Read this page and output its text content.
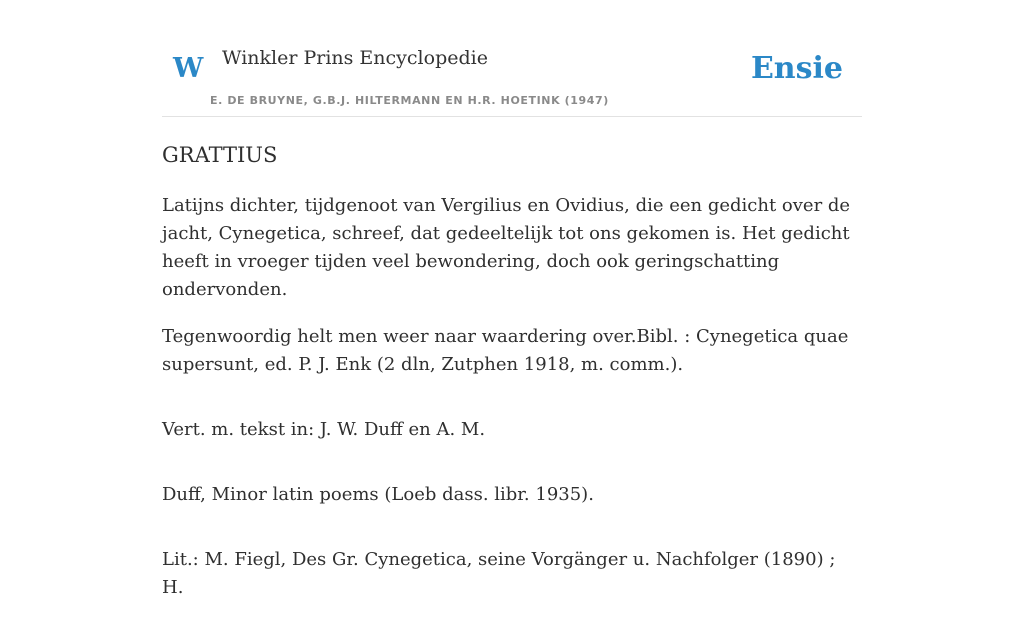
W Winkler Prins Encyclopedie
E. DE BRUYNE, G.B.J. HILTERMANN EN H.R. HOETINK (1947)
Ensie
GRATTIUS

Latijns dichter, tijdgenoot van Vergilius en Ovidius, die een gedicht over de jacht, Cynegetica, schreef, dat gedeeltelijk tot ons gekomen is. Het gedicht heeft in vroeger tijden veel bewondering, doch ook geringschatting ondervonden.

Tegenwoordig helt men weer naar waardering over.Bibl. : Cynegetica quae supersunt, ed. P. J. Enk (2 dln, Zutphen 1918, m. comm.).

Vert. m. tekst in: J. W. Duff en A. M.

Duff, Minor latin poems (Loeb dass. libr. 1935).

Lit.: M. Fiegl, Des Gr. Cynegetica, seine Vorgänger u. Nachfolger (1890) ; H.
